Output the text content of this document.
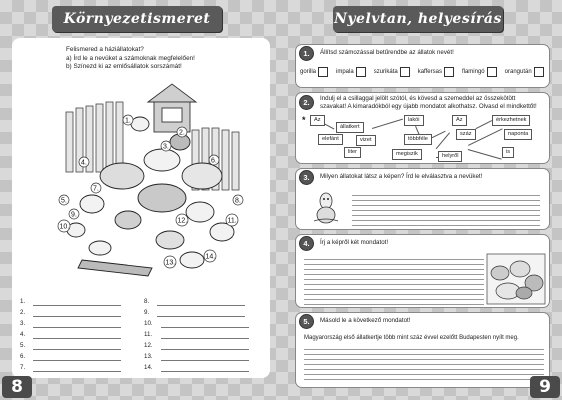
Környezetismeret
Felismered a háziállatokat?
a) Írd le a nevüket a számoknak megfelelően!
b) Színezd ki az emlősállatok sorszámát!
1.
2.
3.
4.
5.
6.
7.
8.
9.
10.
11.
12.
13.
14.
1.
2.
3.
4.
5.
6.
7.
8.
9.
10.
11.
12.
13.
14.
8
Nyelvtan, helyesírás
1.	Állítsd számozással betűrendbe az állatok nevét!
gorilla	impala	szurikáta	kaffersas	flamingó	orangután
2.	Indulj el a csillaggal jelölt szótól, és kövesd a szemeddel az összekötött szavakat! A kimaradókból egy újabb mondatot alkothatsz. Olvasd el mindkettőt!
*	Az	lakói	Az	érkezhetnek
állatkert
száz	naponta
elefánt	többféle
vizet
liter	megiszik	helyről
is
3.	Milyen állatokat látsz a képen? Írd le elválasztva a nevüket!
4.	Írj a képről két mondatot!
5.	Másold le a következő mondatot!
Magyarország első állatkertje több mint száz évvel ezelőtt Budapesten nyílt meg.
9
